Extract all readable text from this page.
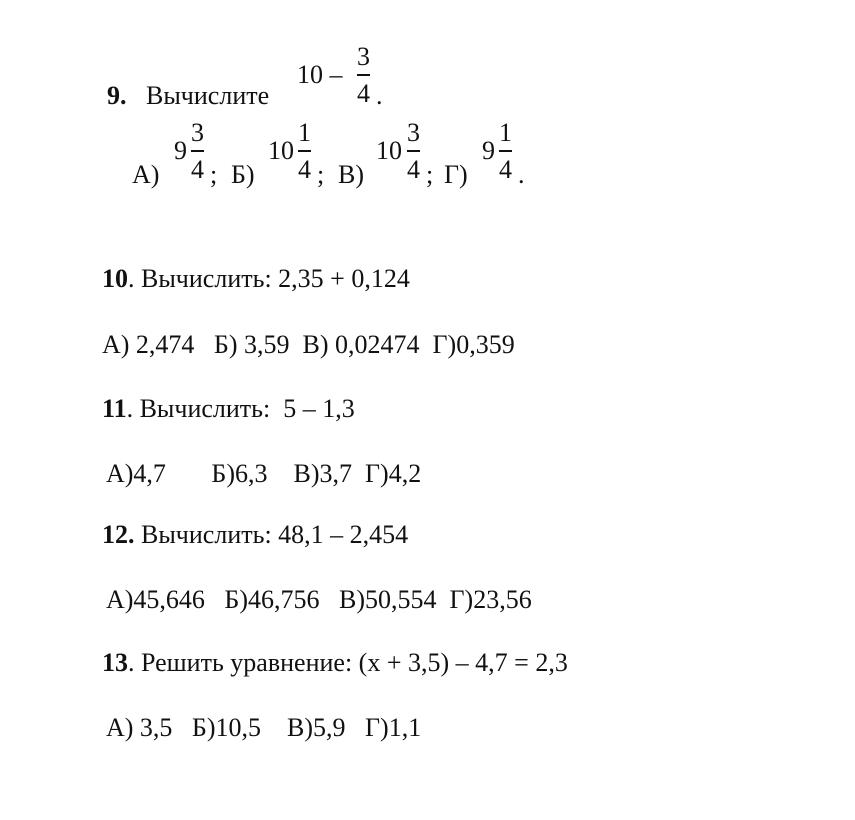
9. Вычислите
10 –
3
4 .
А)
9
3
4 ; Б)
10
1
4 ; В)
10
3
4 ; Г)
9
1
4 .
10. Вычислить: 2,35 + 0,124
А) 2,474   Б) 3,59  В) 0,02474  Г)0,359
11. Вычислить:  5 – 1,3
А)4,7       Б)6,3    В)3,7  Г)4,2
12. Вычислить: 48,1 – 2,454
А)45,646   Б)46,756   В)50,554  Г)23,56
13. Решить уравнение: (х + 3,5) – 4,7 = 2,3
А) 3,5   Б)10,5    В)5,9   Г)1,1
